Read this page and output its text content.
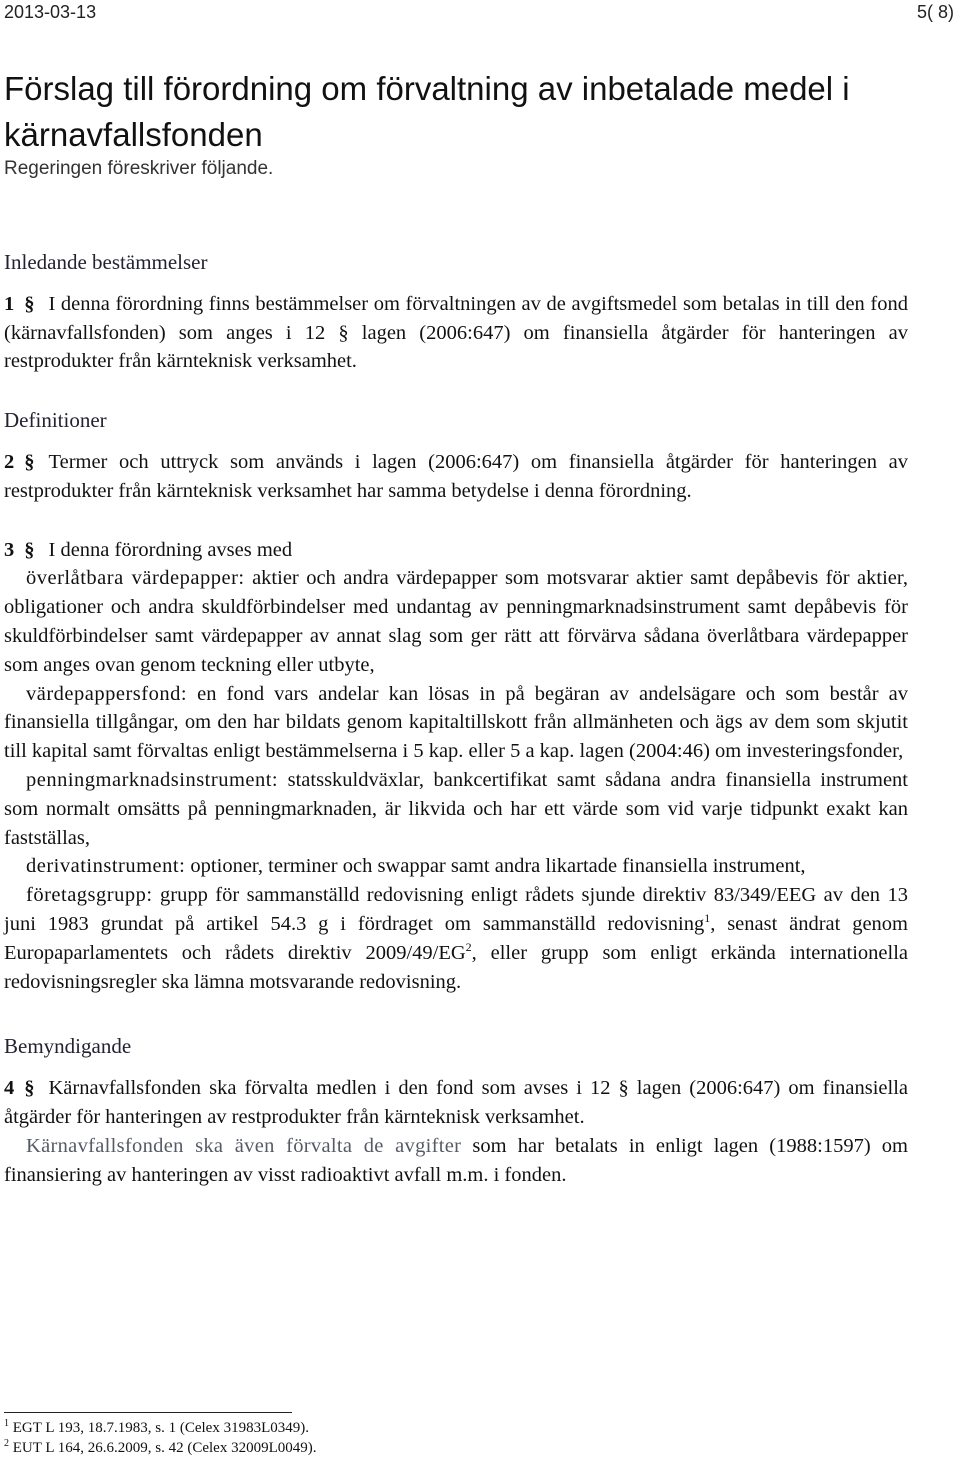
2013-03-13	5( 8)
Förslag till förordning om förvaltning av inbetalade medel i kärnavfallsfonden

Regeringen föreskriver följande.

Inledande bestämmelser

1 § I denna förordning finns bestämmelser om förvaltningen av de avgiftsmedel som betalas in till den fond (kärnavfallsfonden) som anges i 12 § lagen (2006:647) om finansiella åtgärder för hanteringen av restprodukter från kärnteknisk verksamhet.

Definitioner

2 § Termer och uttryck som används i lagen (2006:647) om finansiella åtgärder för hanteringen av restprodukter från kärnteknisk verksamhet har samma betydelse i denna förordning.

3 § I denna förordning avses med

överlåtbara värdepapper: aktier och andra värdepapper som motsvarar aktier samt depåbevis för aktier, obligationer och andra skuldförbindelser med undantag av penningmarknadsinstrument samt depåbevis för skuldförbindelser samt värdepapper av annat slag som ger rätt att förvärva sådana överlåtbara värdepapper som anges ovan genom teckning eller utbyte,

värdepappersfond: en fond vars andelar kan lösas in på begäran av andelsägare och som består av finansiella tillgångar, om den har bildats genom kapitaltillskott från allmänheten och ägs av dem som skjutit till kapital samt förvaltas enligt bestämmelserna i 5 kap. eller 5 a kap. lagen (2004:46) om investeringsfonder,

penningmarknadsinstrument: statsskuldväxlar, bankcertifikat samt sådana andra finansiella instrument som normalt omsätts på penningmarknaden, är likvida och har ett värde som vid varje tidpunkt exakt kan fastställas,

derivatinstrument: optioner, terminer och swappar samt andra likartade finansiella instrument,

företagsgrupp: grupp för sammanställd redovisning enligt rådets sjunde direktiv 83/349/EEG av den 13 juni 1983 grundat på artikel 54.3 g i fördraget om sammanställd redovisning$^1$, senast ändrat genom Europaparlamentets och rådets direktiv $2009/49/EG^2$, eller grupp som enligt erkända internationella redovisningsregler ska lämna motsvarande redovisning.

Bemyndigande

4 § Kärnavfallsfonden ska förvalta medlen i den fond som avses i 12 § lagen (2006:647) om finansiella åtgärder för hanteringen av restprodukter från kärnteknisk verksamhet.

Kärnavfallsfonden ska även förvalta de avgifter som har betalats in enligt lagen (1988:1597) om finansiering av hanteringen av visst radioaktivt avfall m.m. i fonden.

$^1$ EGT L 193, 18.7.1983, s. 1 (Celex 31983L0349).
$^2$ EUT L 164, 26.6.2009, s. 42 (Celex 32009L0049).
